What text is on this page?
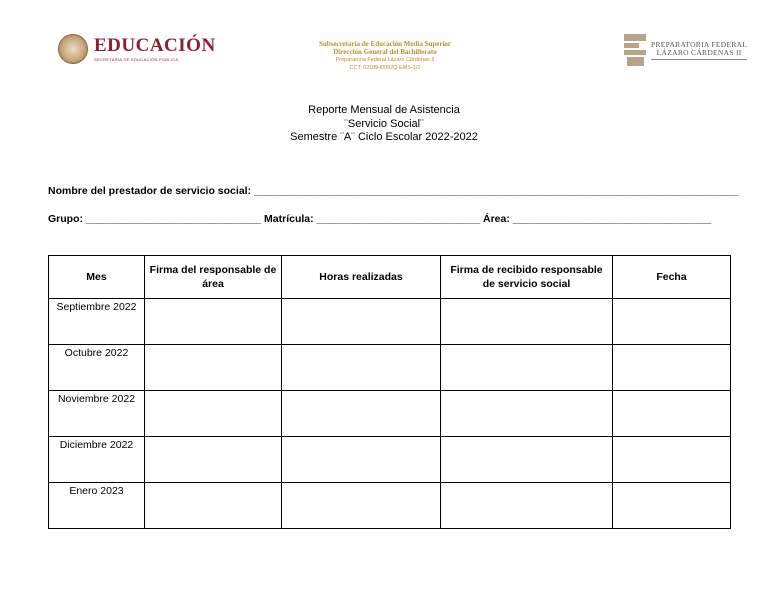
EDUCACIÓN
SECRETARÍA DE EDUCACIÓN PÚBLICA
Subsecretaría de Educación Media Superior
Dirección General del Bachillerato
Preparatoria Federal Lázaro Cárdenas II
CCT: 02DBH0002Q EMS-1/2
PREPARATORIA FEDERAL
LÁZARO CÁRDENAS II
Reporte Mensual de Asistencia
¨Servicio Social¨
Semestre ¨A¨ Ciclo Escolar 2022-2022
Nombre del prestador de servicio social: ___________________________________________________________________________________
Grupo: ______________________________ Matrícula: ____________________________ Área: __________________________________
Mes	Firma del responsable de área	Horas realizadas	Firma de recibido responsable de servicio social	Fecha
Septiembre 2022				
Octubre 2022				
Noviembre 2022				
Diciembre 2022				
Enero 2023				
